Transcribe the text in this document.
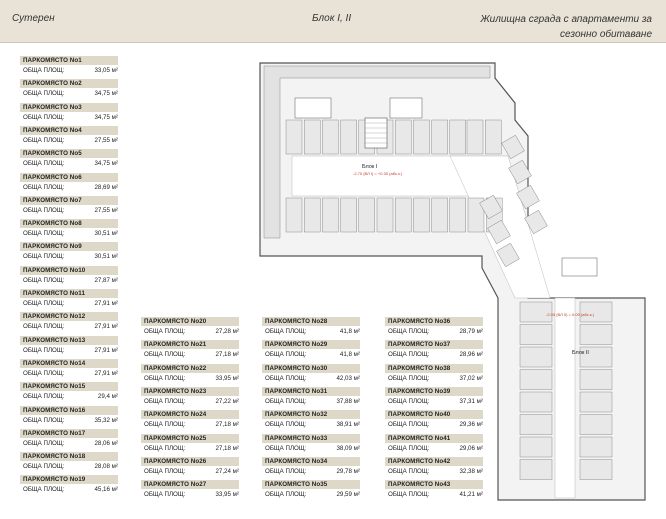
Сутерен	Блок I, II	Жилищна сграда с апартаменти за
сезонно обитаване
ПАРКОМЯСТО No1
ОБЩА ПЛОЩ:	33,05 м²
ПАРКОМЯСТО No2
ОБЩА ПЛОЩ:	34,75 м²
ПАРКОМЯСТО No3
ОБЩА ПЛОЩ:	34,75 м²
ПАРКОМЯСТО No4
ОБЩА ПЛОЩ:	27,55 м²
ПАРКОМЯСТО No5
ОБЩА ПЛОЩ:	34,75 м²
ПАРКОМЯСТО No6
ОБЩА ПЛОЩ:	28,69 м²
ПАРКОМЯСТО No7
ОБЩА ПЛОЩ:	27,55 м²
ПАРКОМЯСТО No8
ОБЩА ПЛОЩ:	30,51 м²
ПАРКОМЯСТО No9
ОБЩА ПЛОЩ:	30,51 м²
ПАРКОМЯСТО No10
ОБЩА ПЛОЩ:	27,87 м²
ПАРКОМЯСТО No11
ОБЩА ПЛОЩ:	27,91 м²
ПАРКОМЯСТО No12
ОБЩА ПЛОЩ:	27,91 м²
ПАРКОМЯСТО No13
ОБЩА ПЛОЩ:	27,91 м²
ПАРКОМЯСТО No14
ОБЩА ПЛОЩ:	27,91 м²
ПАРКОМЯСТО No15
ОБЩА ПЛОЩ:	29,4 м²
ПАРКОМЯСТО No16
ОБЩА ПЛОЩ:	35,32 м²
ПАРКОМЯСТО No17
ОБЩА ПЛОЩ:	28,06 м²
ПАРКОМЯСТО No18
ОБЩА ПЛОЩ:	28,08 м²
ПАРКОМЯСТО No19
ОБЩА ПЛОЩ:	45,16 м²
ПАРКОМЯСТО No20
ОБЩА ПЛОЩ:	27,28 м²
ПАРКОМЯСТО No21
ОБЩА ПЛОЩ:	27,18 м²
ПАРКОМЯСТО No22
ОБЩА ПЛОЩ:	33,95 м²
ПАРКОМЯСТО No23
ОБЩА ПЛОЩ:	27,22 м²
ПАРКОМЯСТО No24
ОБЩА ПЛОЩ:	27,18 м²
ПАРКОМЯСТО No25
ОБЩА ПЛОЩ:	27,18 м²
ПАРКОМЯСТО No26
ОБЩА ПЛОЩ:	27,24 м²
ПАРКОМЯСТО No27
ОБЩА ПЛОЩ:	33,95 м²
ПАРКОМЯСТО No28
ОБЩА ПЛОЩ:	41,8 м²
ПАРКОМЯСТО No29
ОБЩА ПЛОЩ:	41,8 м²
ПАРКОМЯСТО No30
ОБЩА ПЛОЩ:	42,03 м²
ПАРКОМЯСТО No31
ОБЩА ПЛОЩ:	37,88 м²
ПАРКОМЯСТО No32
ОБЩА ПЛОЩ:	38,91 м²
ПАРКОМЯСТО No33
ОБЩА ПЛОЩ:	38,09 м²
ПАРКОМЯСТО No34
ОБЩА ПЛОЩ:	29,78 м²
ПАРКОМЯСТО No35
ОБЩА ПЛОЩ:	29,59 м²
ПАРКОМЯСТО No36
ОБЩА ПЛОЩ:	28,79 м²
ПАРКОМЯСТО No37
ОБЩА ПЛОЩ:	28,96 м²
ПАРКОМЯСТО No38
ОБЩА ПЛОЩ:	37,02 м²
ПАРКОМЯСТО No39
ОБЩА ПЛОЩ:	37,31 м²
ПАРКОМЯСТО No40
ОБЩА ПЛОЩ:	29,36 м²
ПАРКОМЯСТО No41
ОБЩА ПЛОЩ:	29,06 м²
ПАРКОМЯСТО No42
ОБЩА ПЛОЩ:	32,38 м²
ПАРКОМЯСТО No43
ОБЩА ПЛОЩ:	41,21 м²
Блок I
-2.70 (ВЛ I) = +0.30 (абс.к.)
Блок II
-2.05 (ВЛ II) = 0.00 (абс.к.)
